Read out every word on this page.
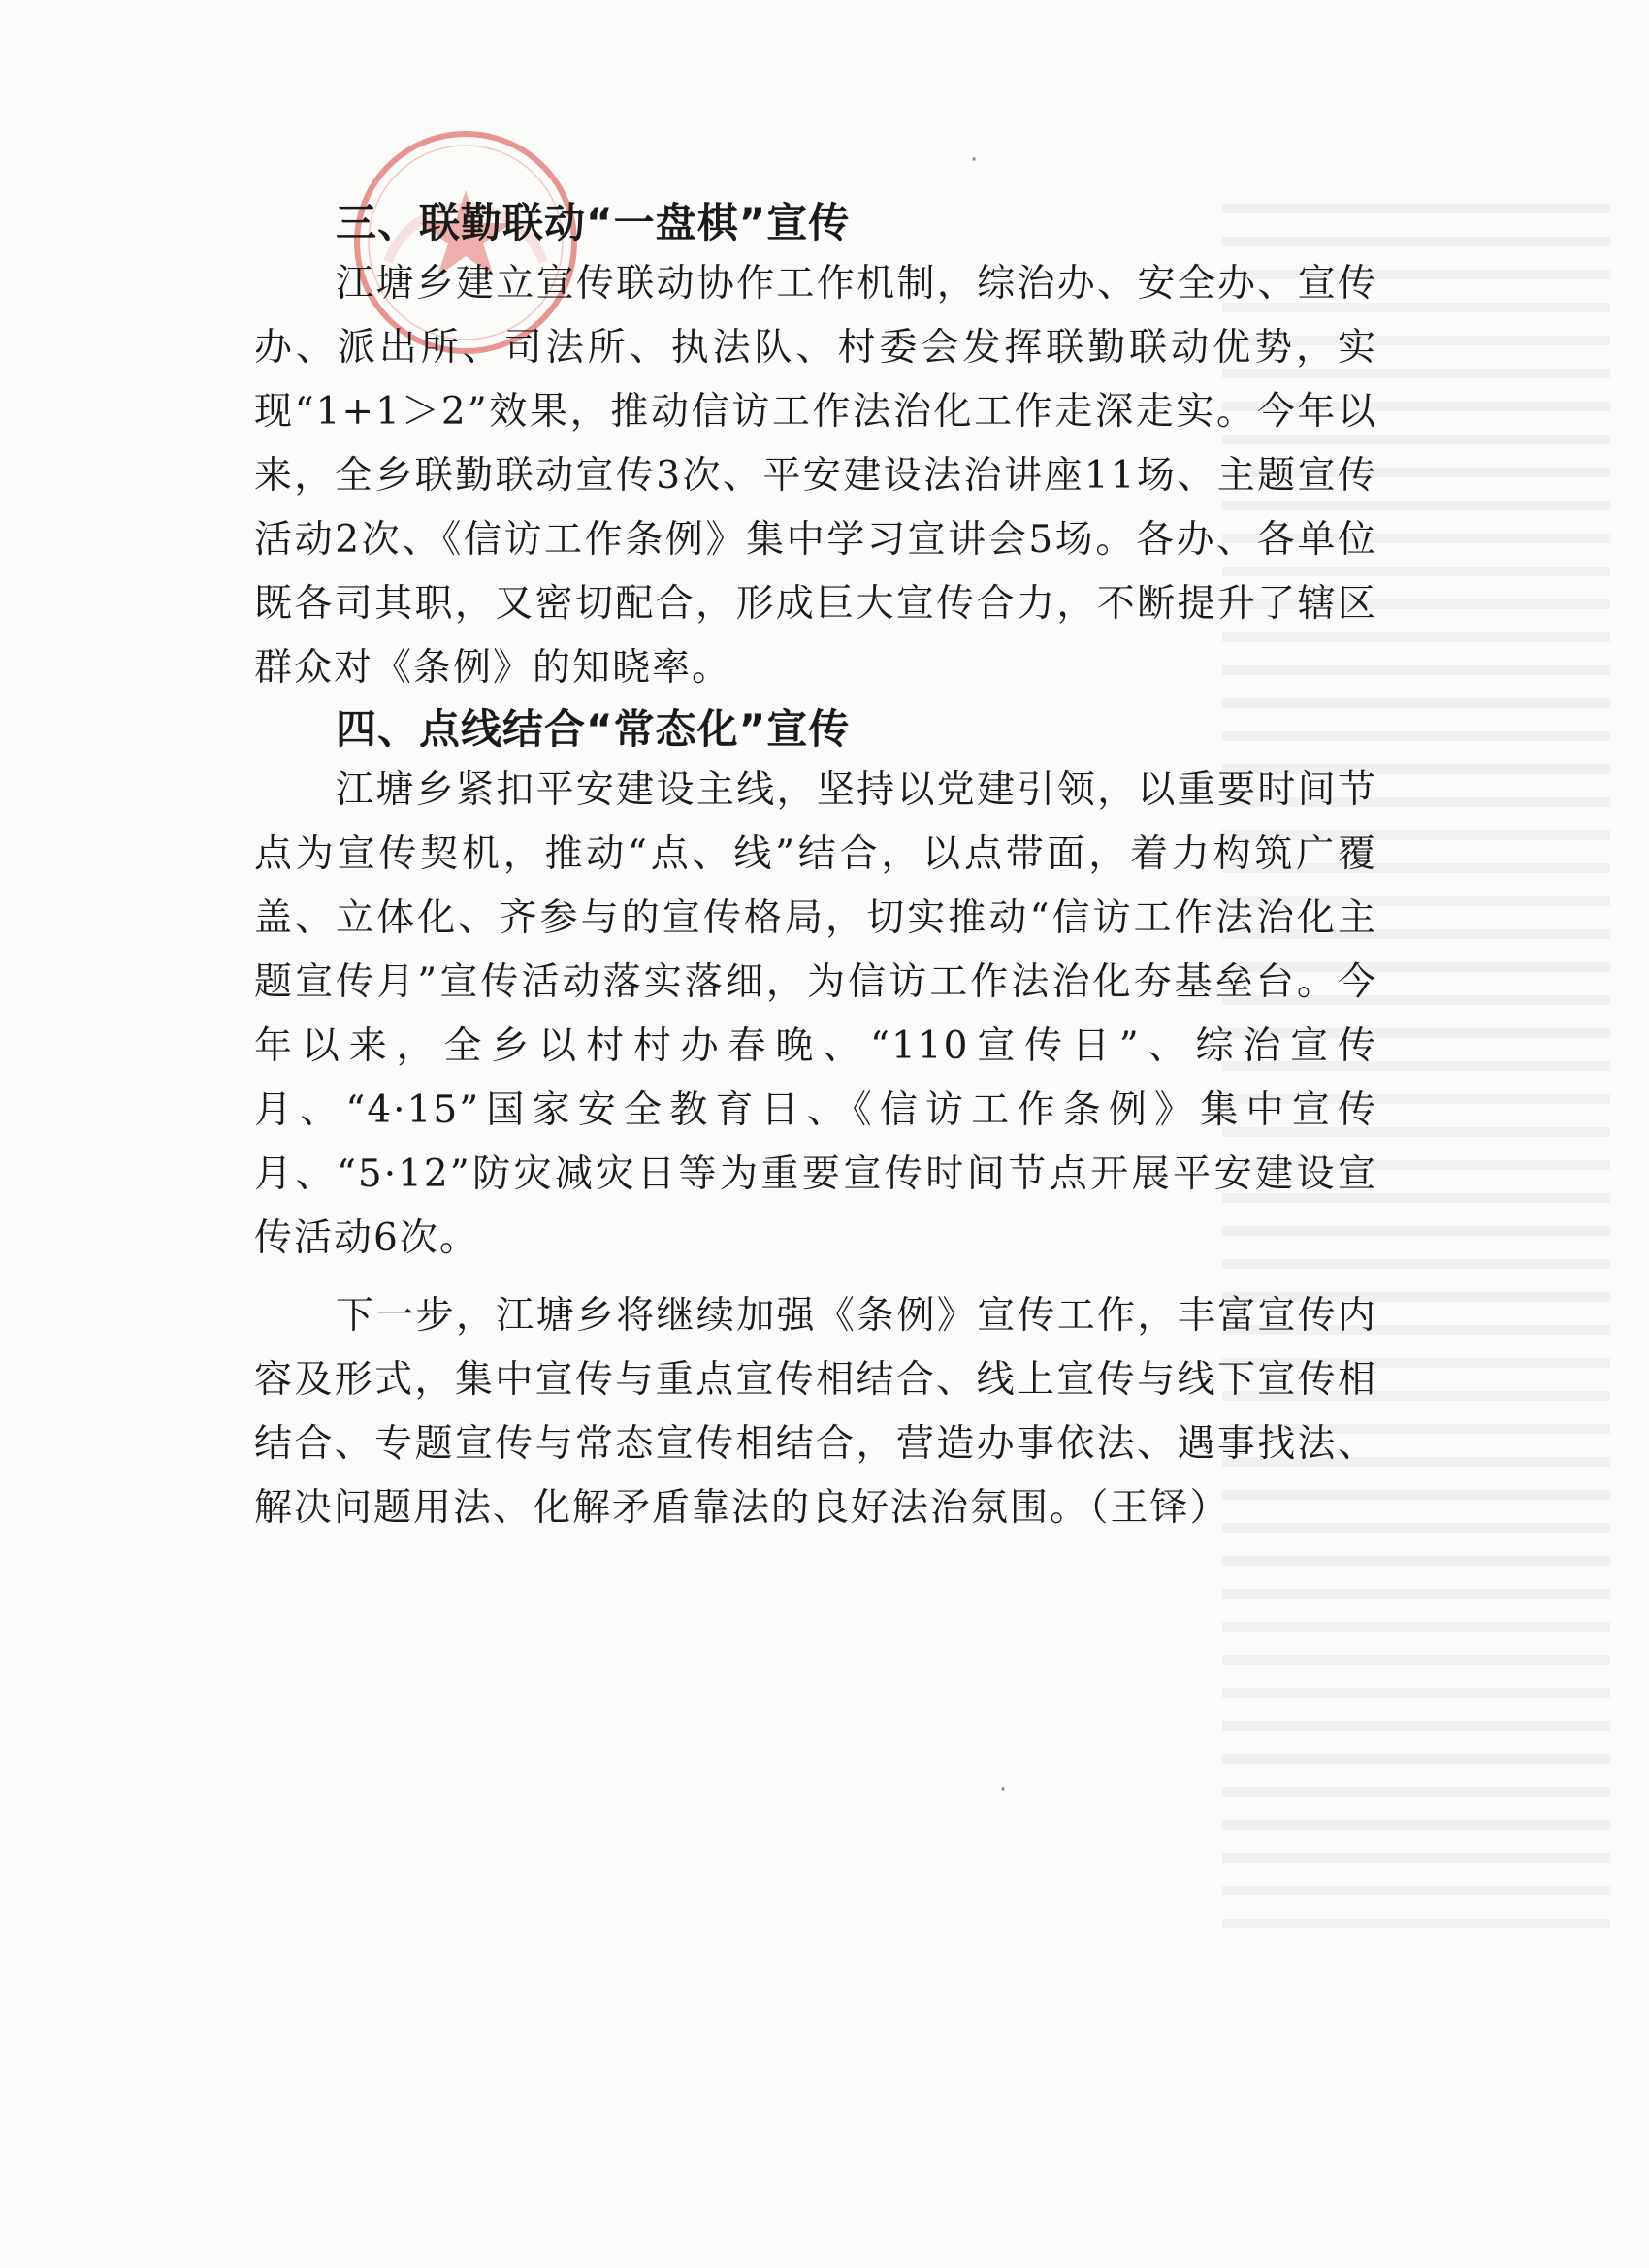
·
·
三、联勤联动“一盘棋”宣传

江塘乡建立宣传联动协作工作机制，综治办、安全办、宣传办、派出所、司法所、执法队、村委会发挥联勤联动优势，实现“1+1＞2”效果，推动信访工作法治化工作走深走实。今年以来，全乡联勤联动宣传3次、平安建设法治讲座11场、主题宣传活动2次、《信访工作条例》集中学习宣讲会5场。各办、各单位既各司其职，又密切配合，形成巨大宣传合力，不断提升了辖区群众对《条例》的知晓率。

四、点线结合“常态化”宣传

江塘乡紧扣平安建设主线，坚持以党建引领，以重要时间节点为宣传契机，推动“点、线”结合，以点带面，着力构筑广覆盖、立体化、齐参与的宣传格局，切实推动“信访工作法治化主题宣传月”宣传活动落实落细，为信访工作法治化夯基垒台。今年以来，全乡以村村办春晚、“110宣传日”、综治宣传月、“4·15”国家安全教育日、《信访工作条例》集中宣传月、“5·12”防灾减灾日等为重要宣传时间节点开展平安建设宣传活动6次。

下一步，江塘乡将继续加强《条例》宣传工作，丰富宣传内容及形式，集中宣传与重点宣传相结合、线上宣传与线下宣传相结合、专题宣传与常态宣传相结合，营造办事依法、遇事找法、解决问题用法、化解矛盾靠法的良好法治氛围。（王铎）
